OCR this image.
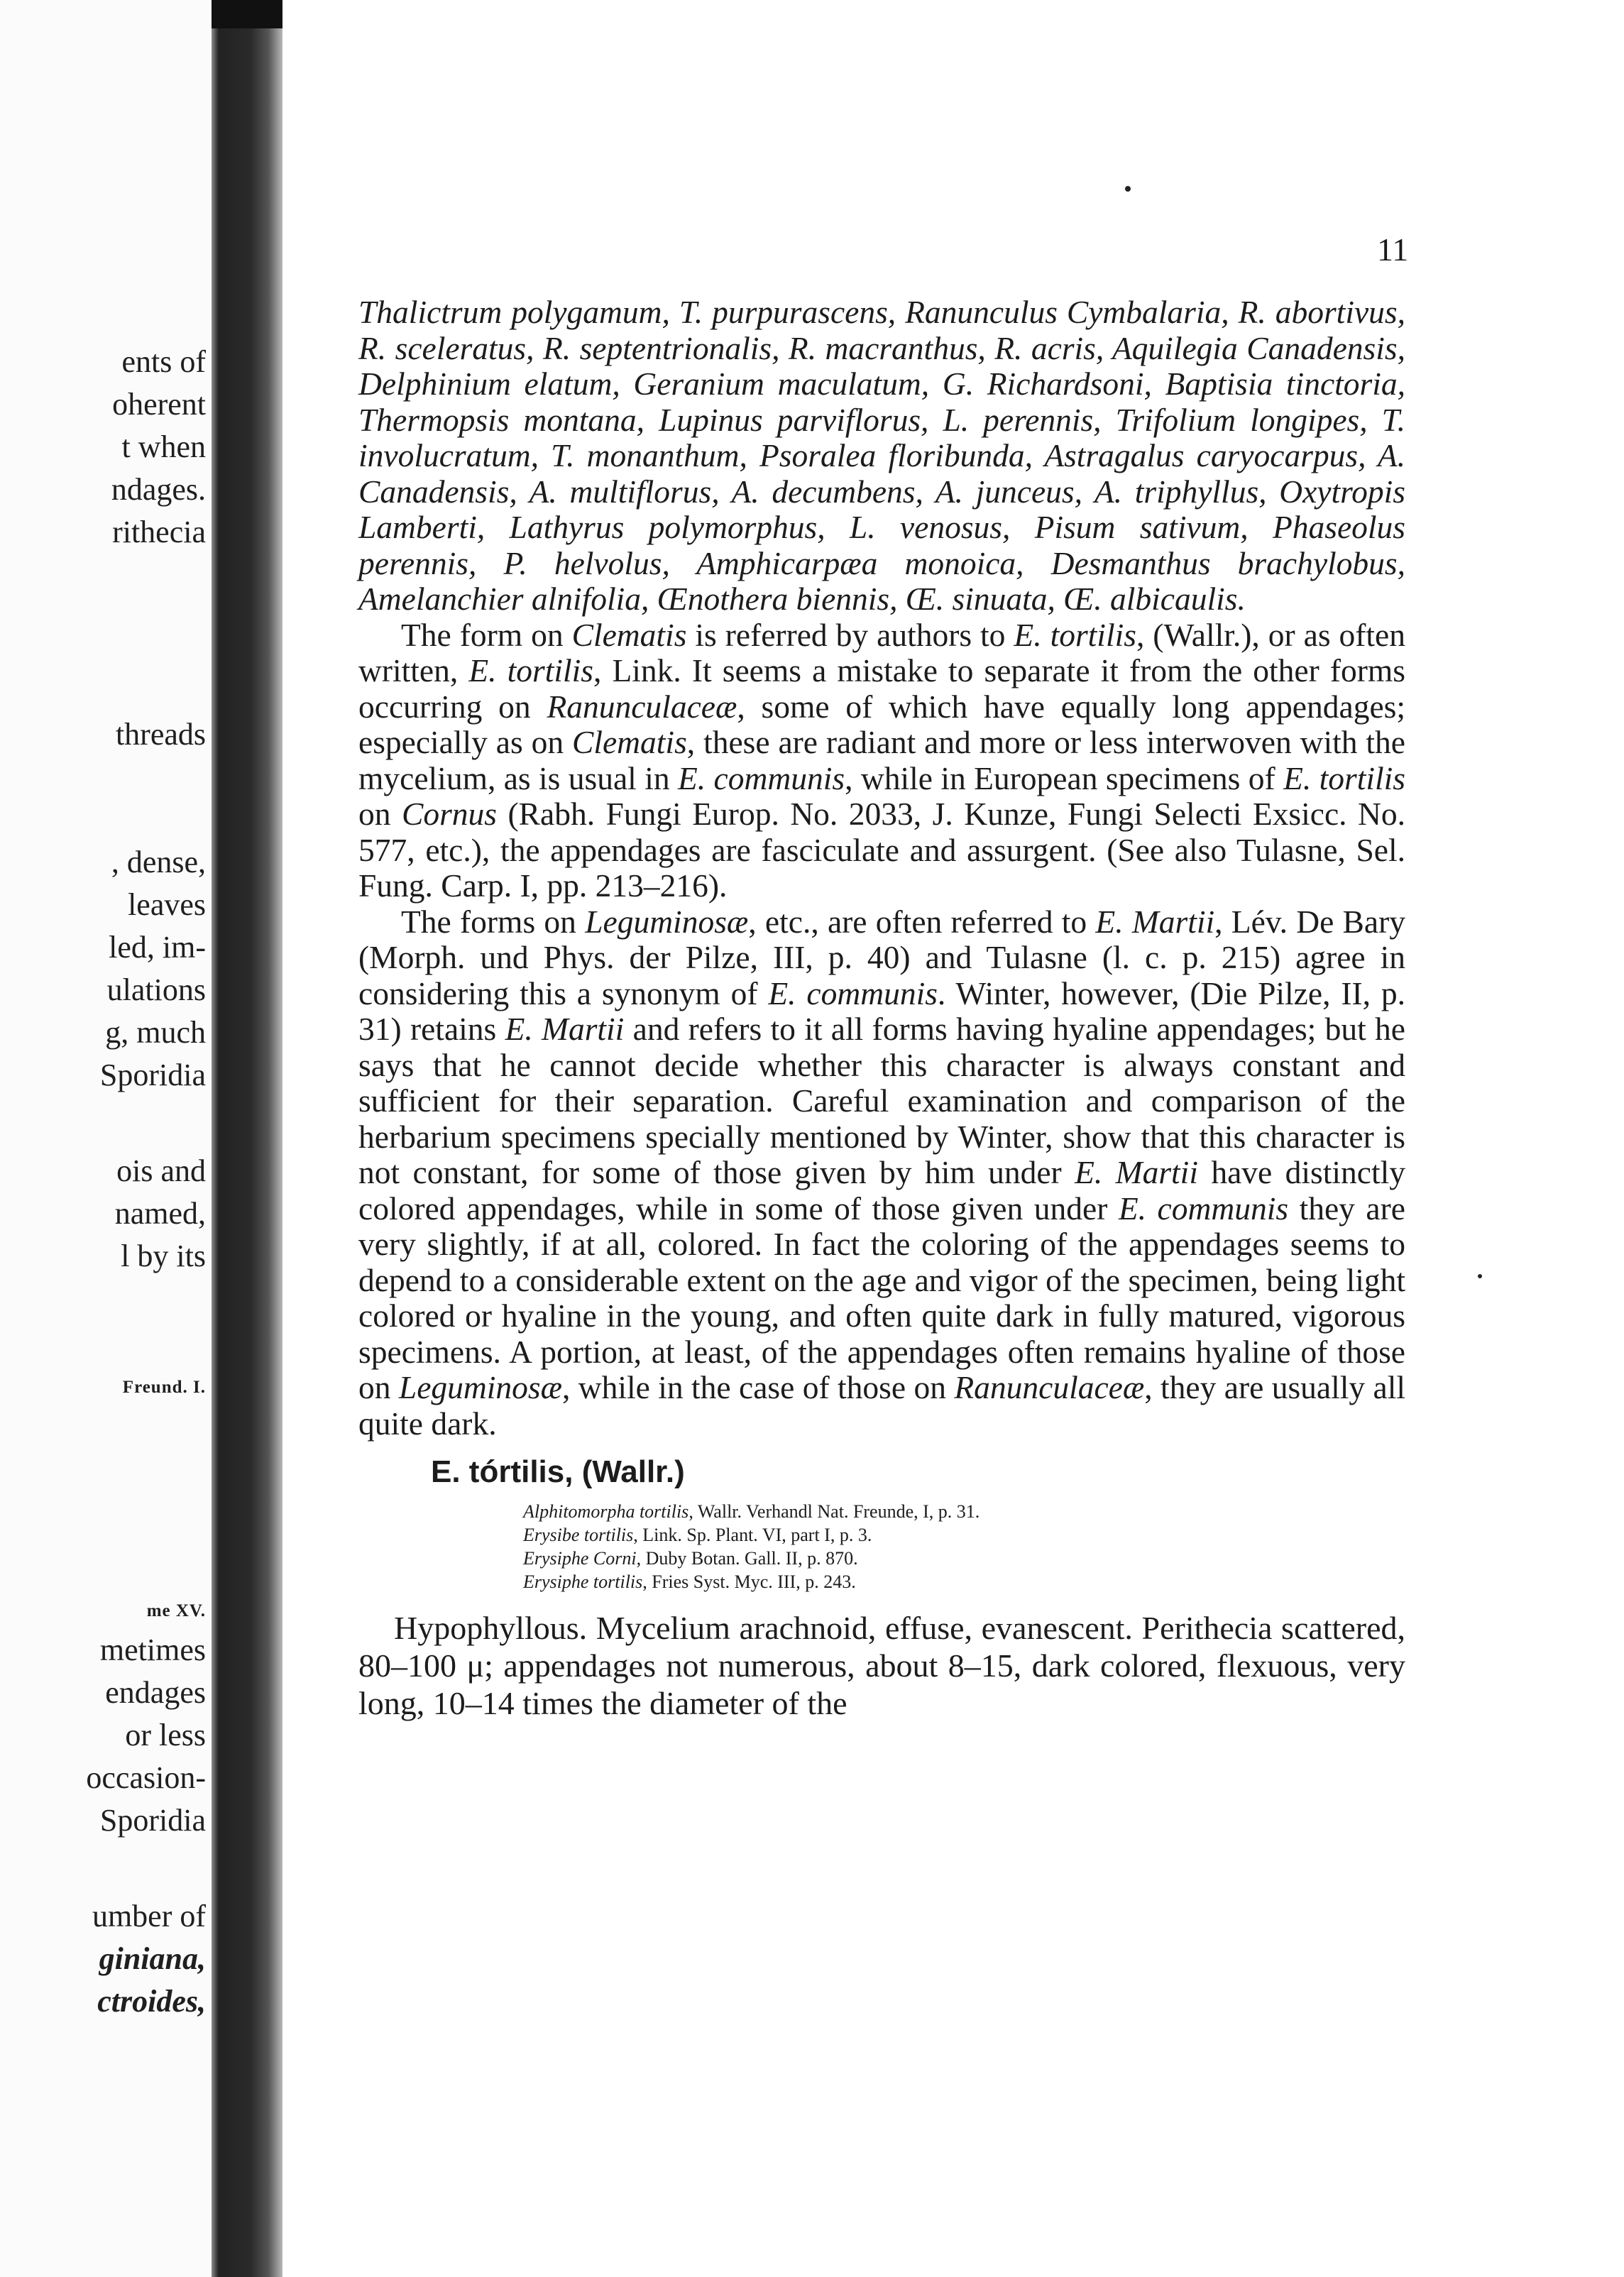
ents of
oherent
t when
ndages.
rithecia
threads
, dense,
leaves
led, im-
ulations
g, much
Sporidia
ois and
named,
l by its
Freund. I.
me XV.
metimes
endages
or less
occasion-
Sporidia
umber of
giniana,
ctroides,
11

Thalictrum polygamum, T. purpurascens, Ranunculus Cymbalaria, R. abortivus, R. sceleratus, R. septentrionalis, R. macranthus, R. acris, Aquilegia Canadensis, Delphinium elatum, Geranium maculatum, G. Richardsoni, Baptisia tinctoria, Thermopsis montana, Lupinus parviflorus, L. perennis, Trifolium longipes, T. involucratum, T. monanthum, Psoralea floribunda, Astragalus caryocarpus, A. Canadensis, A. multiflorus, A. decumbens, A. junceus, A. triphyllus, Oxytropis Lamberti, Lathyrus polymorphus, L. venosus, Pisum sativum, Phaseolus perennis, P. helvolus, Amphicarpæa monoica, Desmanthus brachylobus, Amelanchier alnifolia, Œnothera biennis, Œ. sinuata, Œ. albicaulis.

The form on Clematis is referred by authors to E. tortilis, (Wallr.), or as often written, E. tortilis, Link. It seems a mistake to separate it from the other forms occurring on Ranunculaceæ, some of which have equally long appendages; especially as on Clematis, these are radiant and more or less interwoven with the mycelium, as is usual in E. communis, while in European specimens of E. tortilis on Cornus (Rabh. Fungi Europ. No. 2033, J. Kunze, Fungi Selecti Exsicc. No. 577, etc.), the appendages are fasciculate and assurgent. (See also Tulasne, Sel. Fung. Carp. I, pp. 213–216).

The forms on Leguminosæ, etc., are often referred to E. Martii, Lév. De Bary (Morph. und Phys. der Pilze, III, p. 40) and Tulasne (l. c. p. 215) agree in considering this a synonym of E. communis. Winter, however, (Die Pilze, II, p. 31) retains E. Martii and refers to it all forms having hyaline appendages; but he says that he cannot decide whether this character is always constant and sufficient for their separation. Careful examination and comparison of the herbarium specimens specially mentioned by Winter, show that this character is not constant, for some of those given by him under E. Martii have distinctly colored appendages, while in some of those given under E. communis they are very slightly, if at all, colored. In fact the coloring of the appendages seems to depend to a considerable extent on the age and vigor of the specimen, being light colored or hyaline in the young, and often quite dark in fully matured, vigorous specimens. A portion, at least, of the appendages often remains hyaline of those on Leguminosæ, while in the case of those on Ranunculaceæ, they are usually all quite dark.

E. tórtilis, (Wallr.)
Alphitomorpha tortilis, Wallr. Verhandl Nat. Freunde, I, p. 31.
Erysibe tortilis, Link. Sp. Plant. VI, part I, p. 3.
Erysiphe Corni, Duby Botan. Gall. II, p. 870.
Erysiphe tortilis, Fries Syst. Myc. III, p. 243.

Hypophyllous. Mycelium arachnoid, effuse, evanescent. Perithecia scattered, 80–100 μ; appendages not numerous, about 8–15, dark colored, flexuous, very long, 10–14 times the diameter of the
